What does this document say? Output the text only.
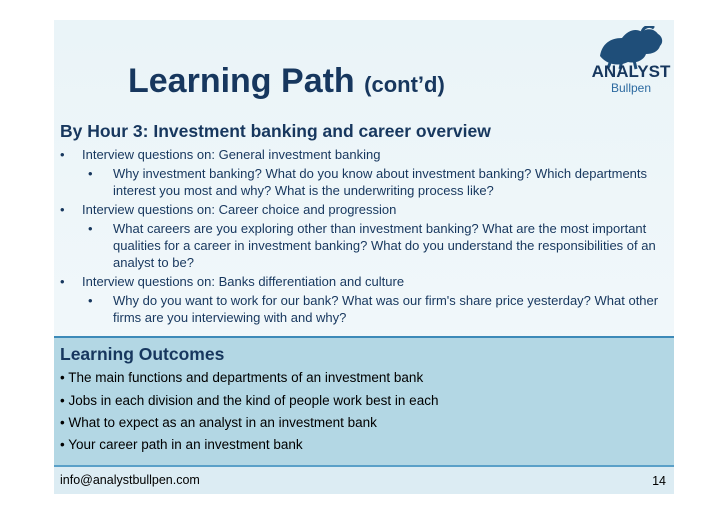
Learning Path (cont’d)
ANALYST
Bullpen
By Hour 3: Investment banking and career overview
• Interview questions on: General investment banking
• Why investment banking? What do you know about investment banking? Which departments interest you most and why? What is the underwriting process like?
• Interview questions on: Career choice and progression
• What careers are you exploring other than investment banking? What are the most important qualities for a career in investment banking? What do you understand the responsibilities of an analyst to be?
• Interview questions on: Banks differentiation and culture
• Why do you want to work for our bank? What was our firm's share price yesterday? What other firms are you interviewing with and why?
Learning Outcomes
• The main functions and departments of an investment bank
• Jobs in each division and the kind of people work best in each
• What to expect as an analyst in an investment bank
• Your career path in an investment bank
info@analystbullpen.com	14
